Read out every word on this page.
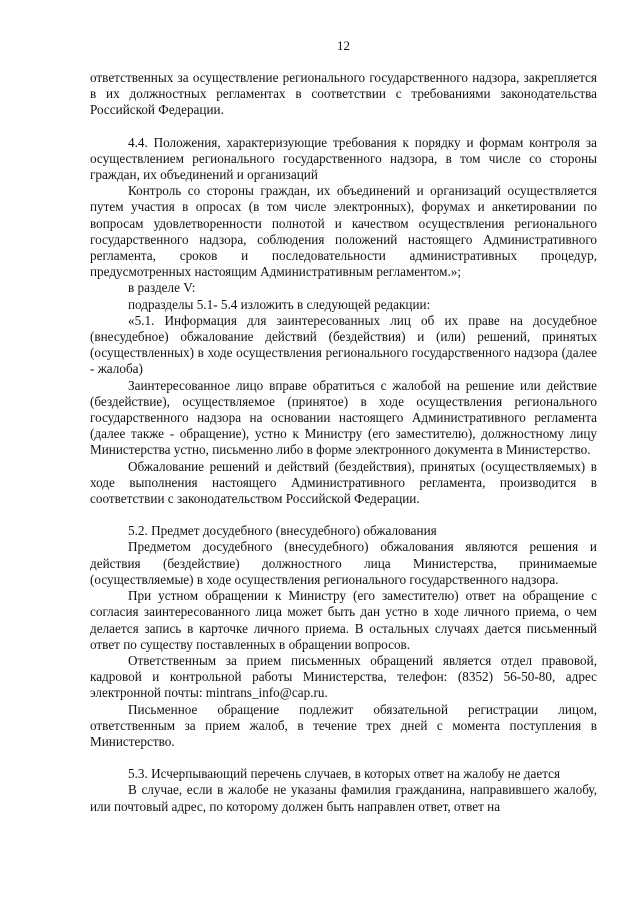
12

ответственных за осуществление регионального государственного надзора, закрепляется в их должностных регламентах в соответствии с требованиями законодательства Российской Федерации.

4.4. Положения, характеризующие требования к порядку и формам контроля за осуществлением регионального государственного надзора, в том числе со стороны граждан, их объединений и организаций

Контроль со стороны граждан, их объединений и организаций осуществляется путем участия в опросах (в том числе электронных), форумах и анкетировании по вопросам удовлетворенности полнотой и качеством осуществления регионального государственного надзора, соблюдения положений настоящего Административного регламента, сроков и последовательности административных процедур, предусмотренных настоящим Административным регламентом.»;

в разделе V:

подразделы 5.1- 5.4 изложить в следующей редакции:

«5.1. Информация для заинтересованных лиц об их праве на досудебное (внесудебное) обжалование действий (бездействия) и (или) решений, принятых (осуществленных) в ходе осуществления регионального государственного надзора (далее - жалоба)

Заинтересованное лицо вправе обратиться с жалобой на решение или действие (бездействие), осуществляемое (принятое) в ходе осуществления регионального государственного надзора на основании настоящего Административного регламента (далее также - обращение), устно к Министру (его заместителю), должностному лицу Министерства устно, письменно либо в форме электронного документа в Министерство.

Обжалование решений и действий (бездействия), принятых (осуществляемых) в ходе выполнения настоящего Административного регламента, производится в соответствии с законодательством Российской Федерации.

5.2. Предмет досудебного (внесудебного) обжалования

Предметом досудебного (внесудебного) обжалования являются решения и действия (бездействие) должностного лица Министерства, принимаемые (осуществляемые) в ходе осуществления регионального государственного надзора.

При устном обращении к Министру (его заместителю) ответ на обращение с согласия заинтересованного лица может быть дан устно в ходе личного приема, о чем делается запись в карточке личного приема. В остальных случаях дается письменный ответ по существу поставленных в обращении вопросов.

Ответственным за прием письменных обращений является отдел правовой, кадровой и контрольной работы Министерства, телефон: (8352) 56-50-80, адрес электронной почты: mintrans_info@cap.ru.

Письменное обращение подлежит обязательной регистрации лицом, ответственным за прием жалоб, в течение трех дней с момента поступления в Министерство.

5.3. Исчерпывающий перечень случаев, в которых ответ на жалобу не дается

В случае, если в жалобе не указаны фамилия гражданина, направившего жалобу, или почтовый адрес, по которому должен быть направлен ответ, ответ на
